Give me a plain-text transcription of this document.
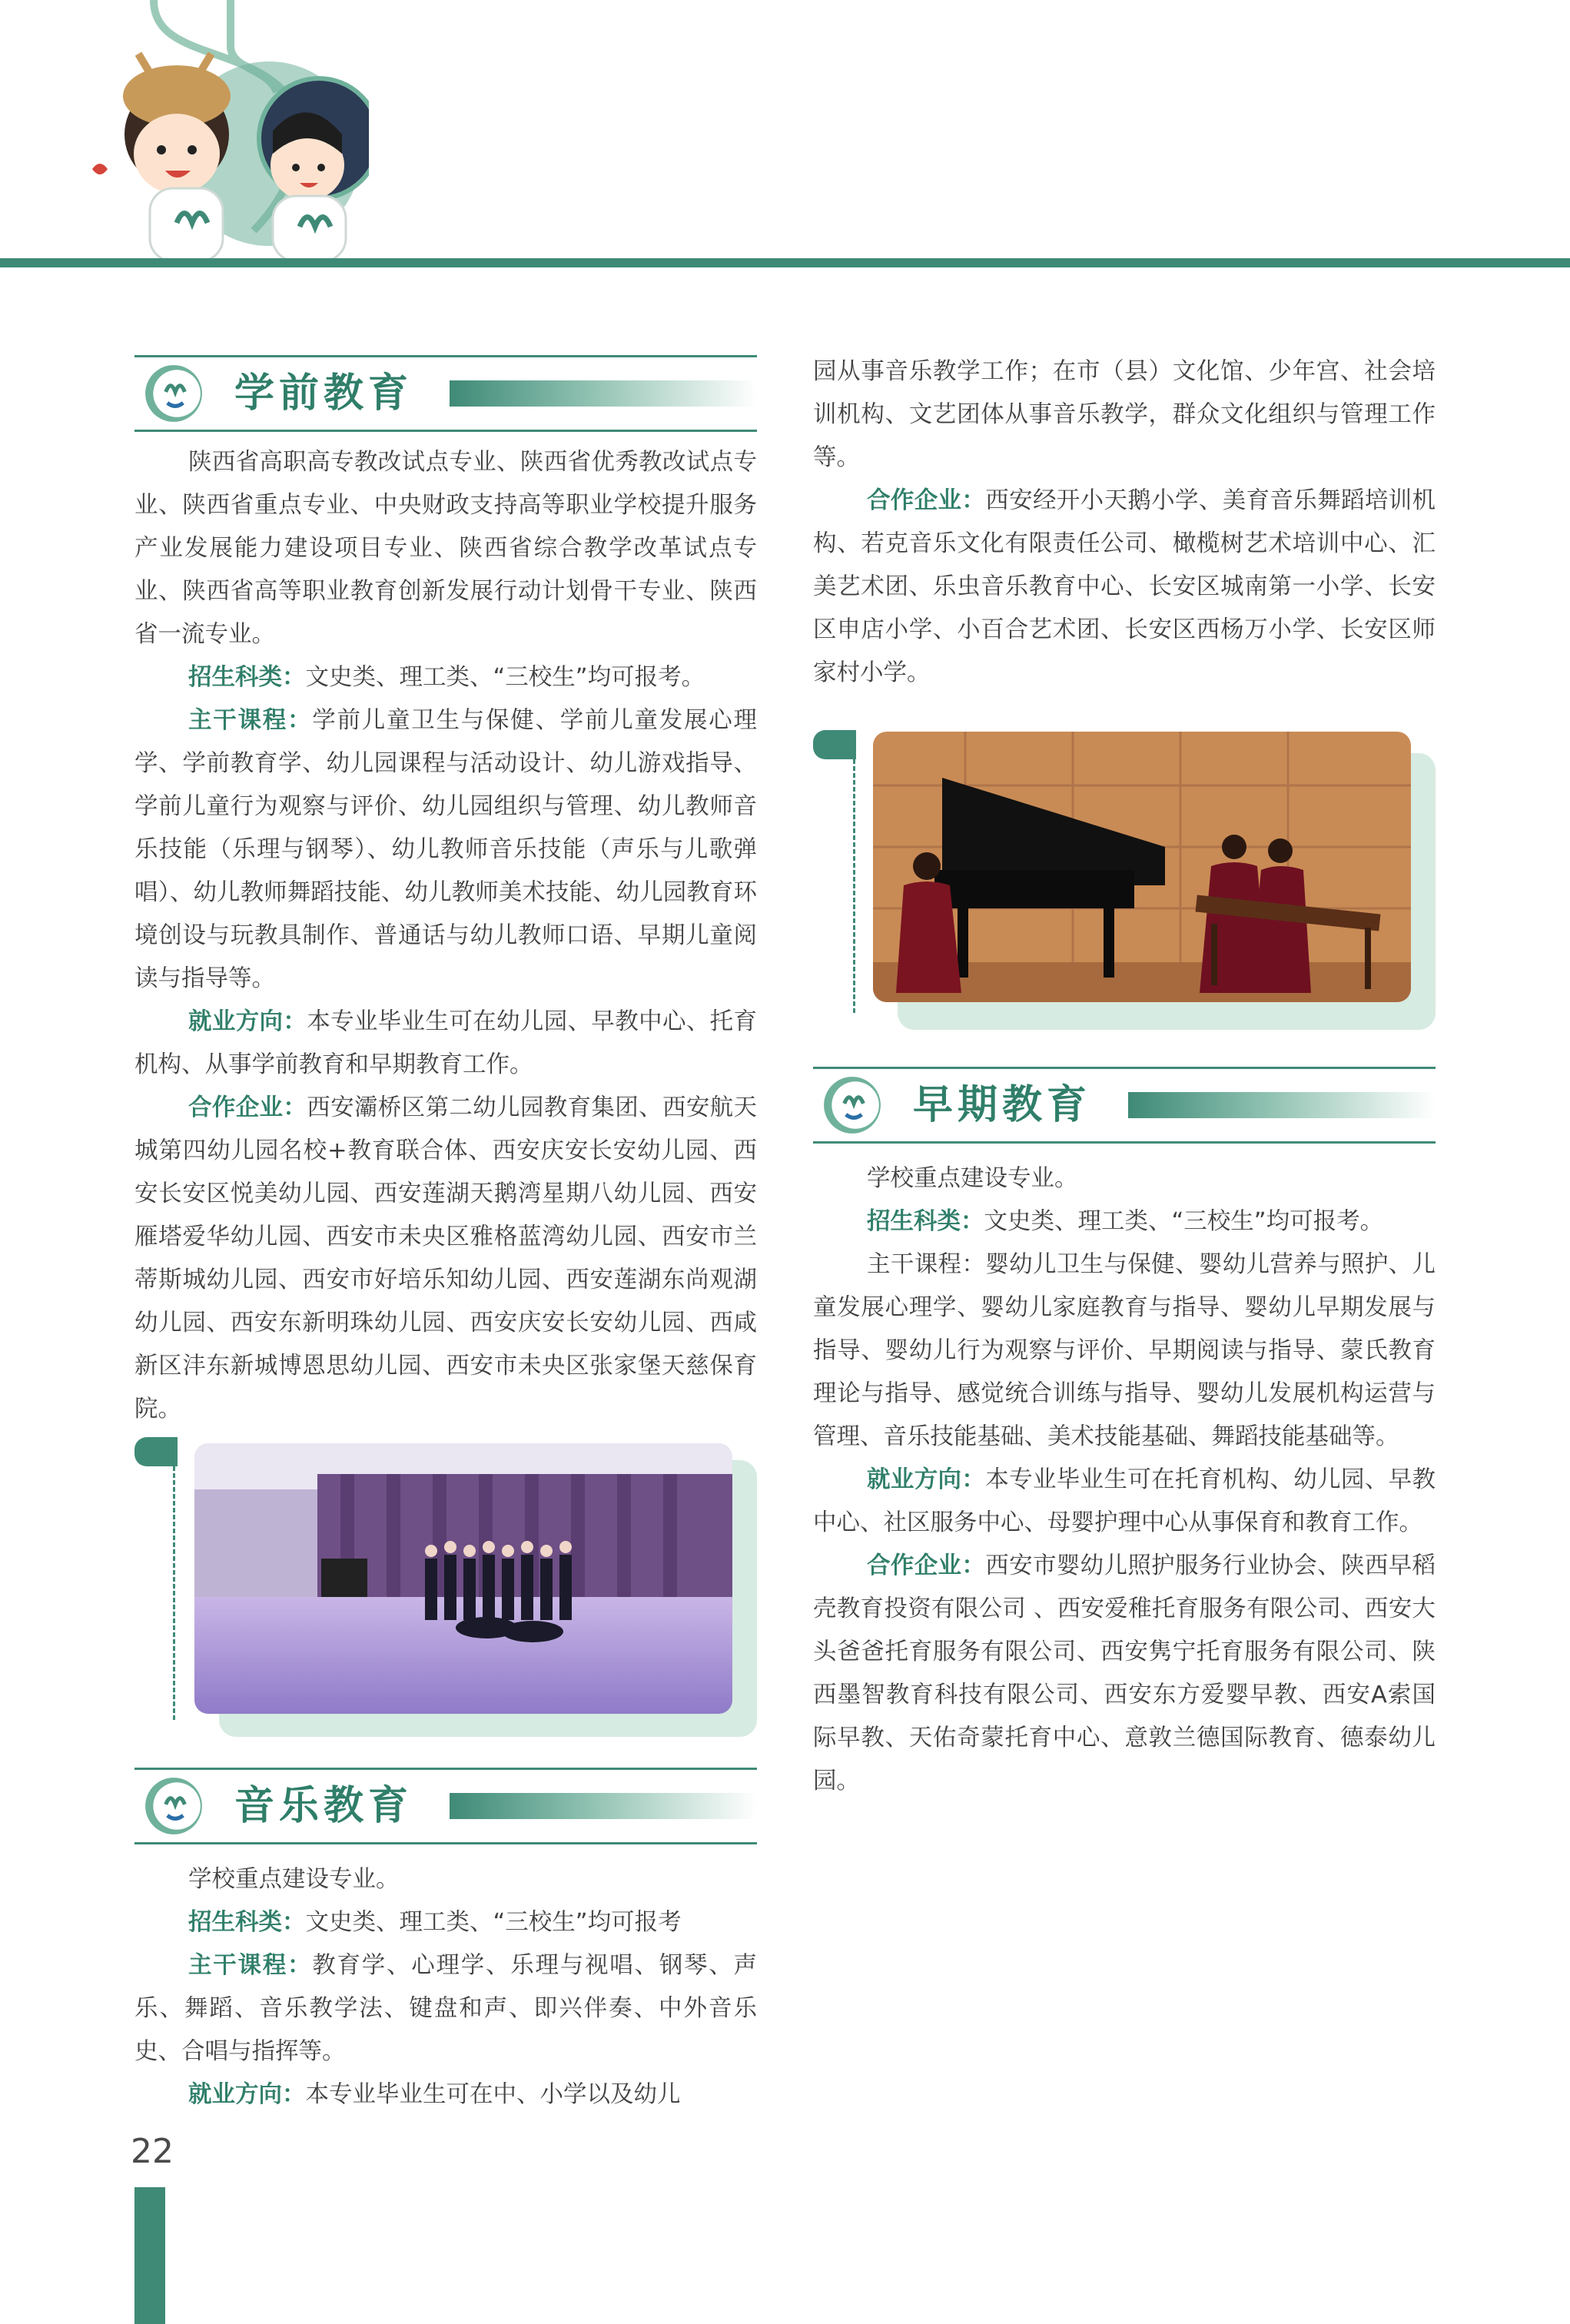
学前教育

陕西省高职高专教改试点专业、陕西省优秀教改试点专业、陕西省重点专业、中央财政支持高等职业学校提升服务产业发展能力建设项目专业、陕西省综合教学改革试点专业、陕西省高等职业教育创新发展行动计划骨干专业、陕西省一流专业。

招生科类：文史类、理工类、“三校生”均可报考。

主干课程：学前儿童卫生与保健、学前儿童发展心理学、学前教育学、幼儿园课程与活动设计、幼儿游戏指导、学前儿童行为观察与评价、幼儿园组织与管理、幼儿教师音乐技能（乐理与钢琴）、幼儿教师音乐技能（声乐与儿歌弹唱）、幼儿教师舞蹈技能、幼儿教师美术技能、幼儿园教育环境创设与玩教具制作、普通话与幼儿教师口语、早期儿童阅读与指导等。

就业方向：本专业毕业生可在幼儿园、早教中心、托育机构、从事学前教育和早期教育工作。

合作企业：西安灞桥区第二幼儿园教育集团、西安航天城第四幼儿园名校+教育联合体、西安庆安长安幼儿园、西安长安区悦美幼儿园、西安莲湖天鹅湾星期八幼儿园、西安雁塔爱华幼儿园、西安市未央区雅格蓝湾幼儿园、西安市兰蒂斯城幼儿园、西安市好培乐知幼儿园、西安莲湖东尚观湖幼儿园、西安东新明珠幼儿园、西安庆安长安幼儿园、西咸新区沣东新城博恩思幼儿园、西安市未央区张家堡天慈保育院。

音乐教育

学校重点建设专业。

招生科类：文史类、理工类、“三校生”均可报考

主干课程：教育学、心理学、乐理与视唱、钢琴、声乐、舞蹈、音乐教学法、键盘和声、即兴伴奏、中外音乐史、合唱与指挥等。

就业方向：本专业毕业生可在中、小学以及幼儿

园从事音乐教学工作；在市（县）文化馆、少年宫、社会培训机构、文艺团体从事音乐教学，群众文化组织与管理工作等。

合作企业：西安经开小天鹅小学、美育音乐舞蹈培训机构、若克音乐文化有限责任公司、橄榄树艺术培训中心、汇美艺术团、乐虫音乐教育中心、长安区城南第一小学、长安区申店小学、小百合艺术团、长安区西杨万小学、长安区师家村小学。

早期教育

学校重点建设专业。

招生科类：文史类、理工类、“三校生”均可报考。

主干课程：婴幼儿卫生与保健、婴幼儿营养与照护、儿童发展心理学、婴幼儿家庭教育与指导、婴幼儿早期发展与指导、婴幼儿行为观察与评价、早期阅读与指导、蒙氏教育理论与指导、感觉统合训练与指导、婴幼儿发展机构运营与管理、音乐技能基础、美术技能基础、舞蹈技能基础等。

就业方向：本专业毕业生可在托育机构、幼儿园、早教中心、社区服务中心、母婴护理中心从事保育和教育工作。

合作企业：西安市婴幼儿照护服务行业协会、陕西早稻壳教育投资有限公司 、西安爱稚托育服务有限公司、西安大头爸爸托育服务有限公司、西安隽宁托育服务有限公司、陕西墨智教育科技有限公司、西安东方爱婴早教、西安A索国际早教、天佑奇蒙托育中心、意敦兰德国际教育、德泰幼儿园。

22
